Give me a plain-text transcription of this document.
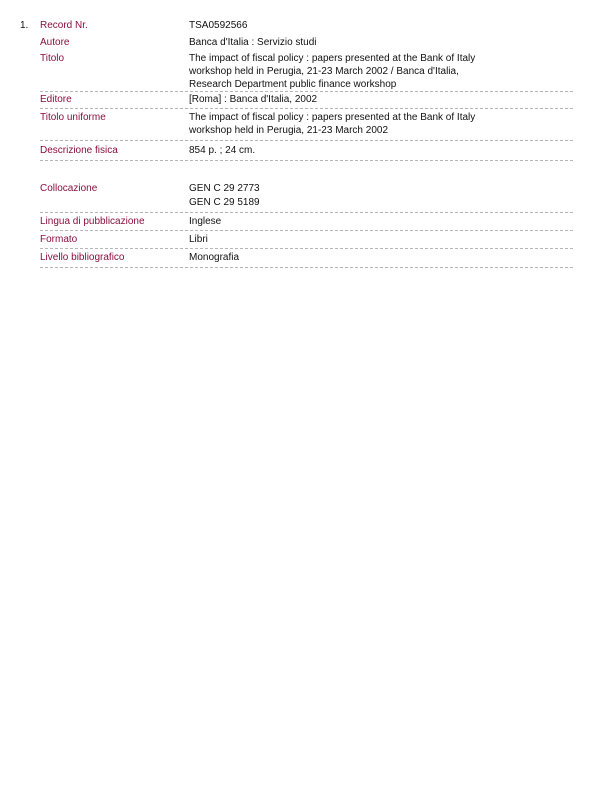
1. Record Nr.	TSA0592566
Autore	Banca d'Italia : Servizio studi
Titolo	The impact of fiscal policy : papers presented at the Bank of Italy
workshop held in Perugia, 21-23 March 2002 / Banca d'Italia,
Research Department public finance workshop
Editore	[Roma] : Banca d'Italia, 2002
Titolo uniforme	The impact of fiscal policy : papers presented at the Bank of Italy
workshop held in Perugia, 21-23 March 2002
Descrizione fisica	854 p. ; 24 cm.
Collocazione	GEN C 29 2773
GEN C 29 5189
Lingua di pubblicazione	Inglese
Formato	Libri
Livello bibliografico	Monografia
